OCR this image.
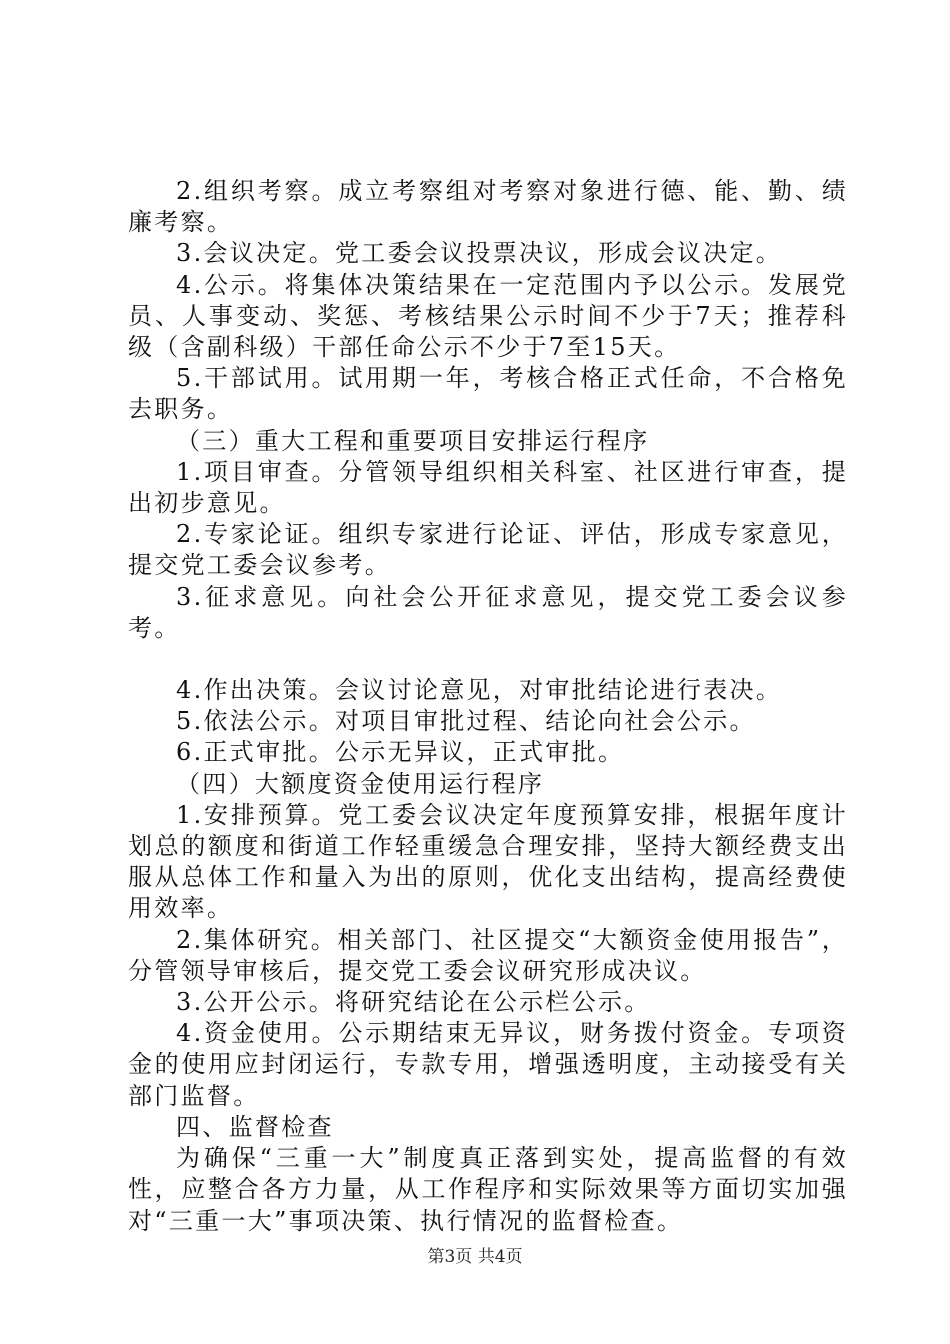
2.组织考察。成立考察组对考察对象进行德、能、勤、绩廉考察。

3.会议决定。党工委会议投票决议，形成会议决定。

4.公示。将集体决策结果在一定范围内予以公示。发展党员、人事变动、奖惩、考核结果公示时间不少于7天；推荐科级（含副科级）干部任命公示不少于7至15天。

5.干部试用。试用期一年，考核合格正式任命，不合格免去职务。

（三）重大工程和重要项目安排运行程序

1.项目审查。分管领导组织相关科室、社区进行审查，提出初步意见。

2.专家论证。组织专家进行论证、评估，形成专家意见，提交党工委会议参考。

3.征求意见。向社会公开征求意见，提交党工委会议参考。

4.作出决策。会议讨论意见，对审批结论进行表决。

5.依法公示。对项目审批过程、结论向社会公示。

6.正式审批。公示无异议，正式审批。

（四）大额度资金使用运行程序

1.安排预算。党工委会议决定年度预算安排，根据年度计划总的额度和街道工作轻重缓急合理安排，坚持大额经费支出服从总体工作和量入为出的原则，优化支出结构，提高经费使用效率。

2.集体研究。相关部门、社区提交“大额资金使用报告”，分管领导审核后，提交党工委会议研究形成决议。

3.公开公示。将研究结论在公示栏公示。

4.资金使用。公示期结束无异议，财务拨付资金。专项资金的使用应封闭运行，专款专用，增强透明度，主动接受有关部门监督。

四、监督检查

为确保“三重一大”制度真正落到实处，提高监督的有效性，应整合各方力量，从工作程序和实际效果等方面切实加强对“三重一大”事项决策、执行情况的监督检查。

第3页 共4页
